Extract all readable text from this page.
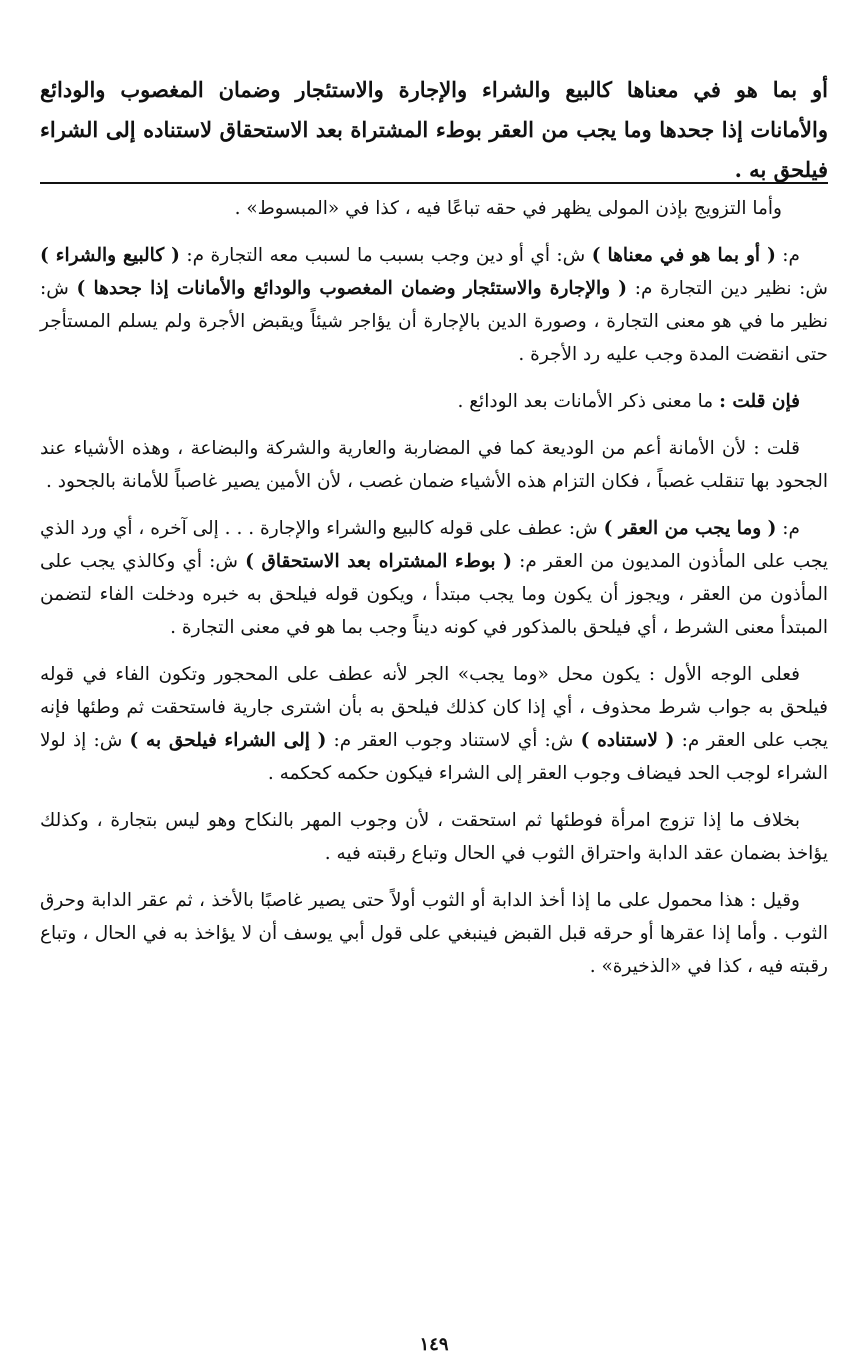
أو بما هو في معناها كالبيع والشراء والإجارة والاستئجار وضمان المغصوب والودائع والأمانات إذا جحدها وما يجب من العقر بوطء المشتراة بعد الاستحقاق لاستناده إلى الشراء فيلحق به .

وأما التزويج بإذن المولى يظهر في حقه تباعًا فيه ، كذا في «المبسوط» .

م: ( أو بما هو في معناها ) ش: أي أو دين وجب بسبب ما لسبب معه التجارة م: ( كالبيع والشراء ) ش: نظير دين التجارة م: ( والإجارة والاستئجار وضمان المغصوب والودائع والأمانات إذا جحدها ) ش: نظير ما في هو معنى التجارة ، وصورة الدين بالإجارة أن يؤاجر شيئاً ويقبض الأجرة ولم يسلم المستأجر حتى انقضت المدة وجب عليه رد الأجرة .

فإن قلت : ما معنى ذكر الأمانات بعد الودائع .

قلت : لأن الأمانة أعم من الوديعة كما في المضاربة والعارية والشركة والبضاعة ، وهذه الأشياء عند الجحود بها تنقلب غصباً ، فكان التزام هذه الأشياء ضمان غصب ، لأن الأمين يصير غاصباً للأمانة بالجحود .

م: ( وما يجب من العقر ) ش: عطف على قوله كالبيع والشراء والإجارة . . . إلى آخره ، أي ورد الذي يجب على المأذون المديون من العقر م: ( بوطء المشتراه بعد الاستحقاق ) ش: أي وكالذي يجب على المأذون من العقر ، ويجوز أن يكون وما يجب مبتدأ ، ويكون قوله فيلحق به خبره ودخلت الفاء لتضمن المبتدأ معنى الشرط ، أي فيلحق بالمذكور في كونه ديناً وجب بما هو في معنى التجارة .

فعلى الوجه الأول : يكون محل «وما يجب» الجر لأنه عطف على المحجور وتكون الفاء في قوله فيلحق به جواب شرط محذوف ، أي إذا كان كذلك فيلحق به بأن اشترى جارية فاستحقت ثم وطئها فإنه يجب على العقر م: ( لاستناده ) ش: أي لاستناد وجوب العقر م: ( إلى الشراء فيلحق به ) ش: إذ لولا الشراء لوجب الحد فيضاف وجوب العقر إلى الشراء فيكون حكمه كحكمه .

بخلاف ما إذا تزوج امرأة فوطئها ثم استحقت ، لأن وجوب المهر بالنكاح وهو ليس بتجارة ، وكذلك يؤاخذ بضمان عقد الدابة واحتراق الثوب في الحال وتباع رقبته فيه .

وقيل : هذا محمول على ما إذا أخذ الدابة أو الثوب أولاً حتى يصير غاصبًا بالأخذ ، ثم عقر الدابة وحرق الثوب . وأما إذا عقرها أو حرقه قبل القبض فينبغي على قول أبي يوسف أن لا يؤاخذ به في الحال ، وتباع رقبته فيه ، كذا في «الذخيرة» .

١٤٩
